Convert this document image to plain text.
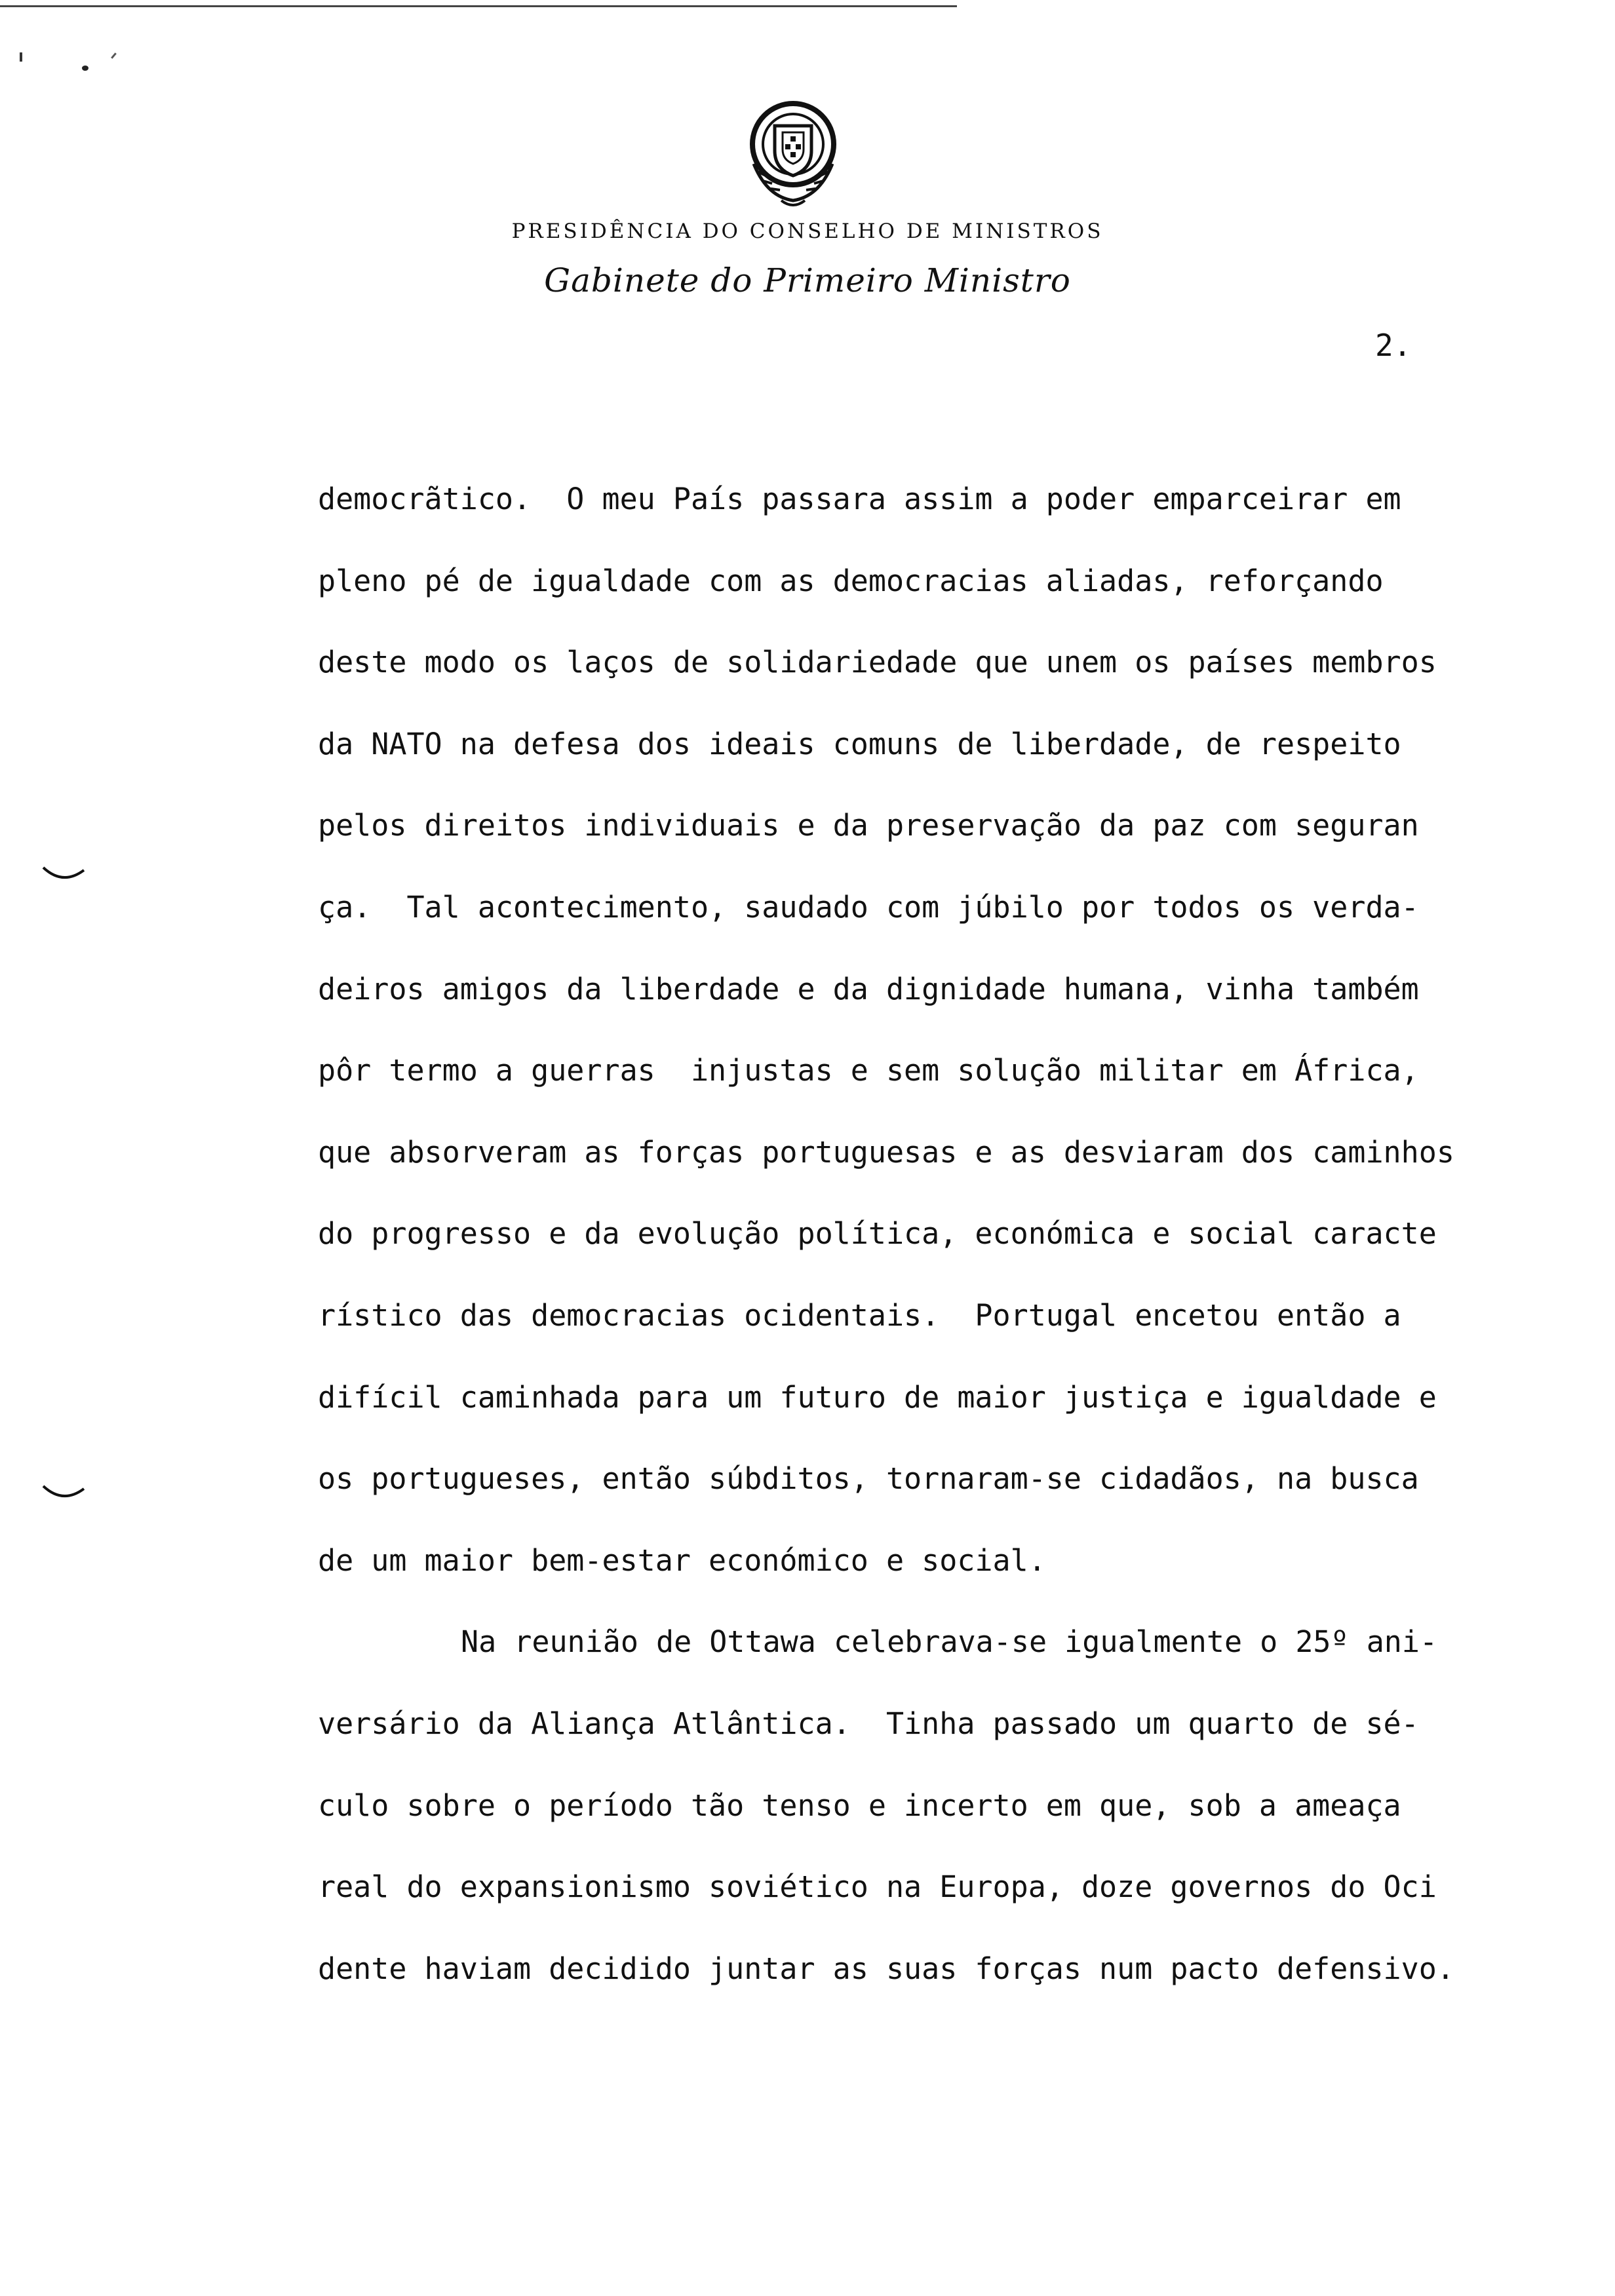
PRESIDÊNCIA DO CONSELHO DE MINISTROS
Gabinete do Primeiro Ministro
2.
democrãtico.  O meu País passara assim a poder emparceirar em
pleno pé de igualdade com as democracias aliadas, reforçando
deste modo os laços de solidariedade que unem os países membros
da NATO na defesa dos ideais comuns de liberdade, de respeito
pelos direitos individuais e da preservação da paz com seguran
ça.  Tal acontecimento, saudado com júbilo por todos os verda-
deiros amigos da liberdade e da dignidade humana, vinha também
pôr termo a guerras  injustas e sem solução militar em África,
que absorveram as forças portuguesas e as desviaram dos caminhos
do progresso e da evolução política, económica e social caracte
rístico das democracias ocidentais.  Portugal encetou então a
difícil caminhada para um futuro de maior justiça e igualdade e
os portugueses, então súbditos, tornaram-se cidadãos, na busca
de um maior bem-estar económico e social.
Na reunião de Ottawa celebrava-se igualmente o 25º ani-
versário da Aliança Atlântica.  Tinha passado um quarto de sé-
culo sobre o período tão tenso e incerto em que, sob a ameaça
real do expansionismo soviético na Europa, doze governos do Oci
dente haviam decidido juntar as suas forças num pacto defensivo.
